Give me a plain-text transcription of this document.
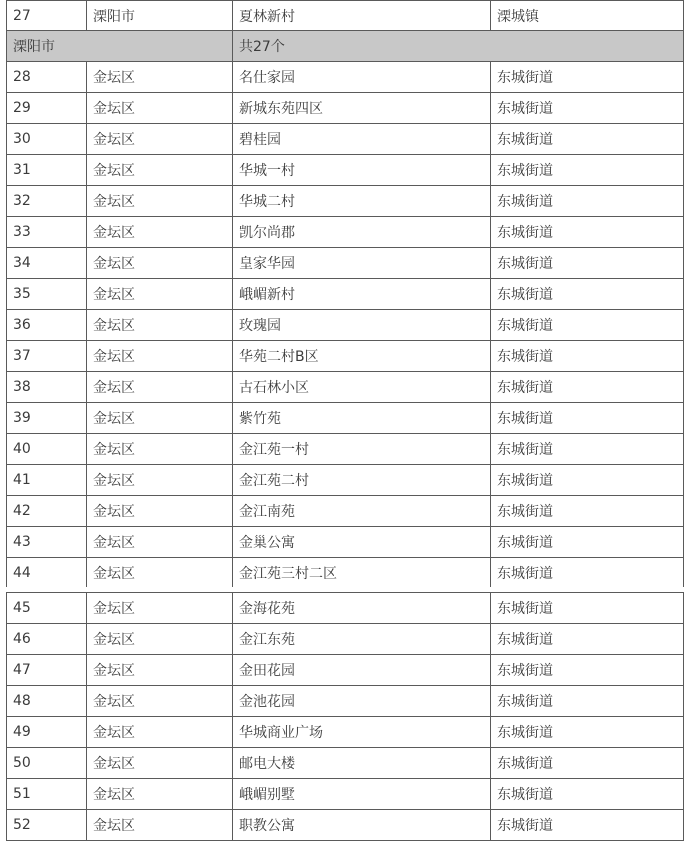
27	溧阳市	夏林新村	溧城镇
溧阳市		共27个	
28	金坛区	名仕家园	东城街道
29	金坛区	新城东苑四区	东城街道
30	金坛区	碧桂园	东城街道
31	金坛区	华城一村	东城街道
32	金坛区	华城二村	东城街道
33	金坛区	凯尔尚郡	东城街道
34	金坛区	皇家华园	东城街道
35	金坛区	峨嵋新村	东城街道
36	金坛区	玫瑰园	东城街道
37	金坛区	华苑二村B区	东城街道
38	金坛区	古石林小区	东城街道
39	金坛区	紫竹苑	东城街道
40	金坛区	金江苑一村	东城街道
41	金坛区	金江苑二村	东城街道
42	金坛区	金江南苑	东城街道
43	金坛区	金巢公寓	东城街道
44	金坛区	金江苑三村二区	东城街道
45	金坛区	金海花苑	东城街道
46	金坛区	金江东苑	东城街道
47	金坛区	金田花园	东城街道
48	金坛区	金池花园	东城街道
49	金坛区	华城商业广场	东城街道
50	金坛区	邮电大楼	东城街道
51	金坛区	峨嵋别墅	东城街道
52	金坛区	职教公寓	东城街道
